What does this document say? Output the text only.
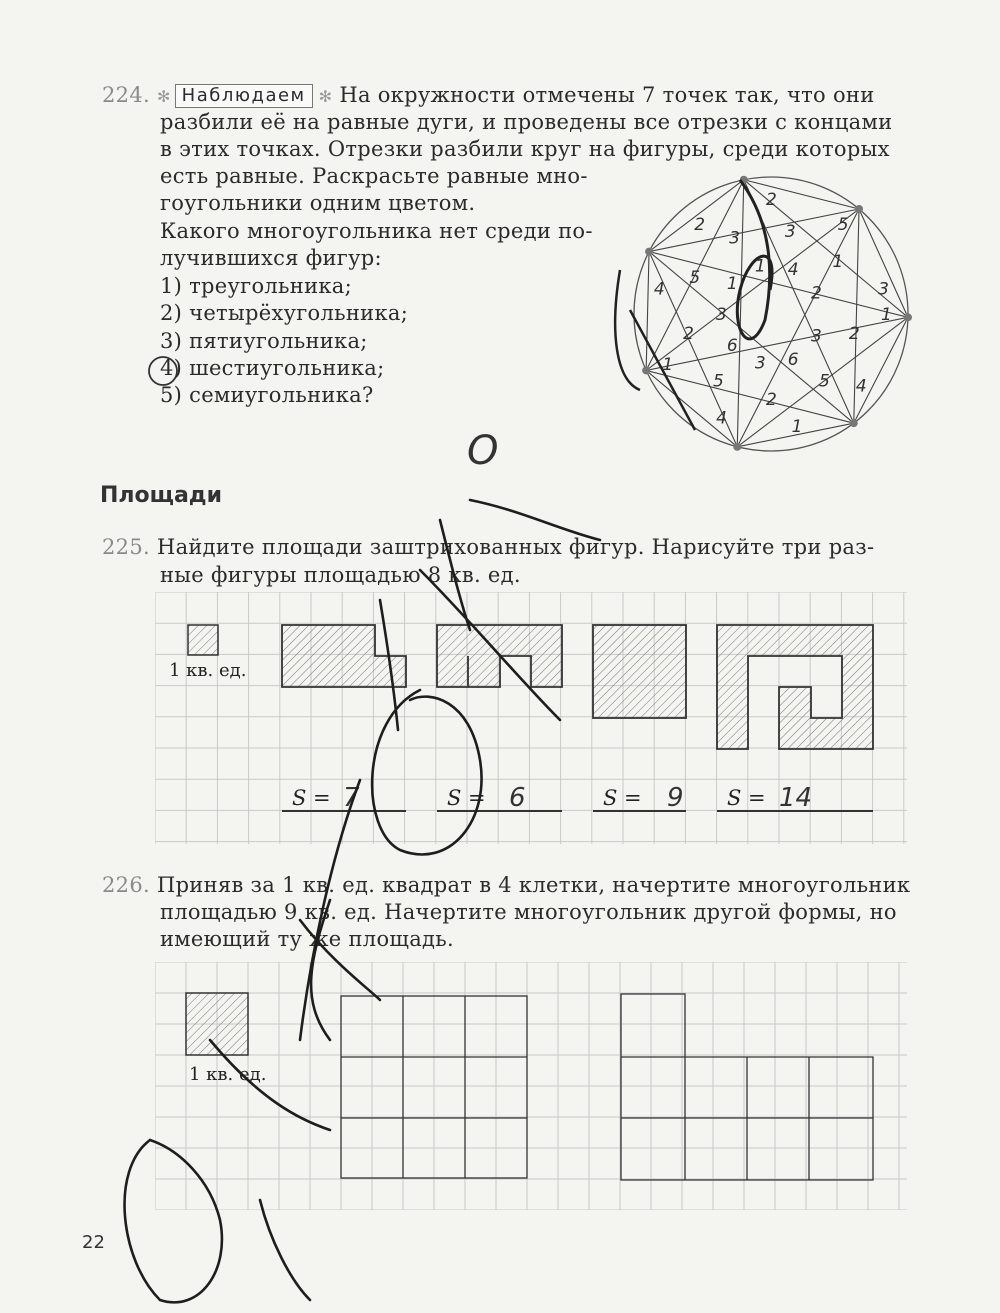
224. ✻ Наблюдаем ✻ На окружности отмечены 7 точек так, что они
разбили её на равные дуги, и проведены все отрезки с концами
в этих точках. Отрезки разбили круг на фигуры, среди которых
есть равные. Раскрасьте равные мно-
гоугольники одним цветом.
Какого многоугольника нет среди по-
лучившихся фигур:
1) треугольника;
2) четырёхугольника;
3) пятиугольника;
4) шестиугольника;
5) семиугольника?
1
2
3
4
5
6
1
2
3
4
5
6
1
2
3
4
5 1
2
3
1
2
3
4
5
1
2	3
O
Площади
225. Найдите площади заштрихованных фигур. Нарисуйте три раз-
ные фигуры площадью 8 кв. ед.
1 кв. ед.
S = 7	S = 6	S = 9 S = 14
226. Приняв за 1 кв. ед. квадрат в 4 клетки, начертите многоугольник
площадью 9 кв. ед. Начертите многоугольник другой формы, но
имеющий ту же площадь.
1 кв. ед.
22
